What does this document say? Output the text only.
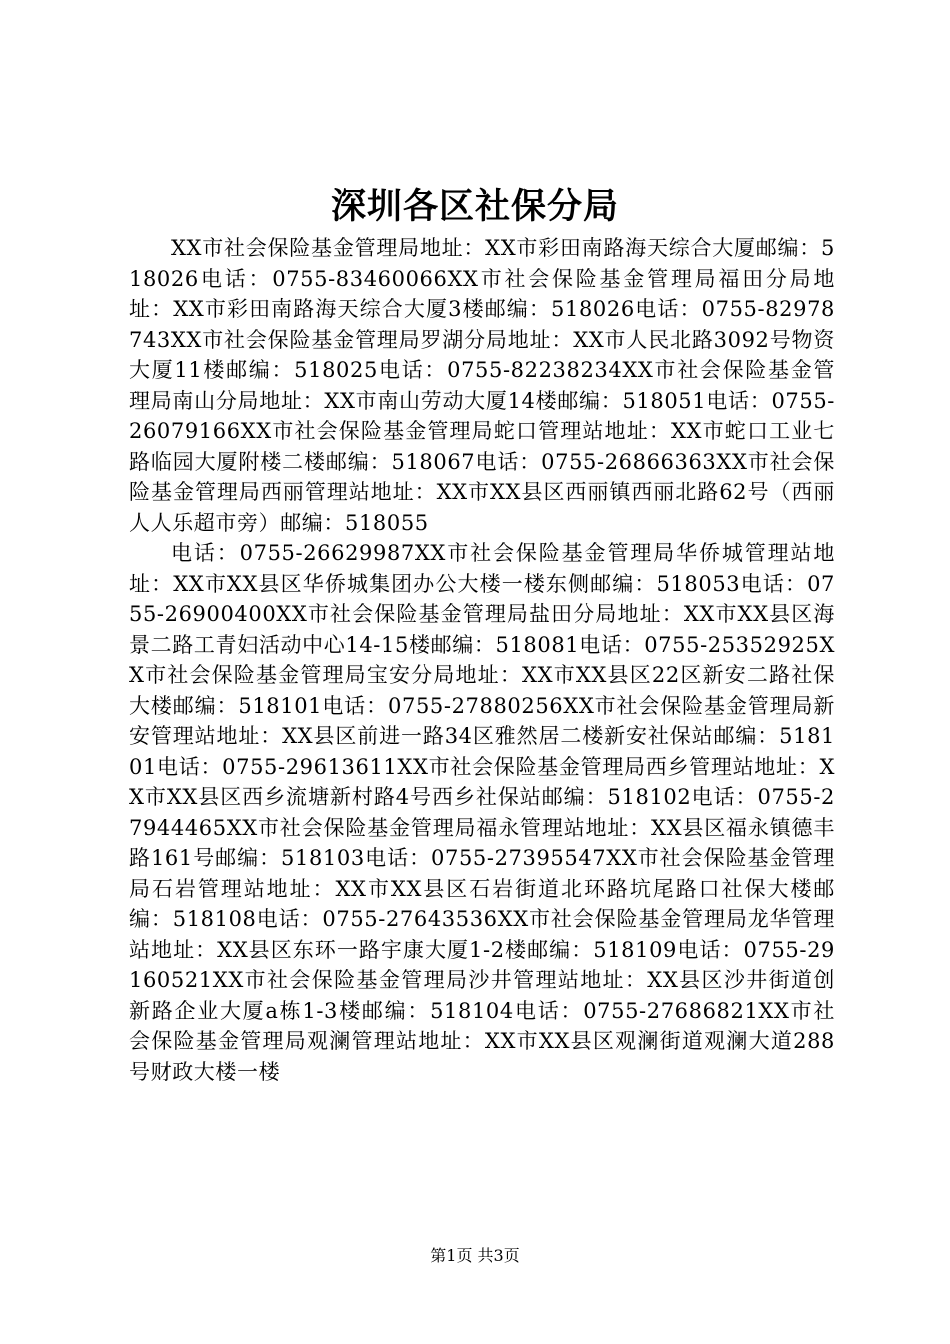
深圳各区社保分局

XX市社会保险基金管理局地址：XX市彩田南路海天综合大厦邮编：518026电话：0755-83460066XX市社会保险基金管理局福田分局地址：XX市彩田南路海天综合大厦3楼邮编：518026电话：0755-82978743XX市社会保险基金管理局罗湖分局地址：XX市人民北路3092号物资大厦11楼邮编：518025电话：0755-82238234XX市社会保险基金管理局南山分局地址：XX市南山劳动大厦14楼邮编：518051电话：0755-26079166XX市社会保险基金管理局蛇口管理站地址：XX市蛇口工业七路临园大厦附楼二楼邮编：518067电话：0755-26866363XX市社会保险基金管理局西丽管理站地址：XX市XX县区西丽镇西丽北路62号（西丽人人乐超市旁）邮编：518055

电话：0755-26629987XX市社会保险基金管理局华侨城管理站地址：XX市XX县区华侨城集团办公大楼一楼东侧邮编：518053电话：0755-26900400XX市社会保险基金管理局盐田分局地址：XX市XX县区海景二路工青妇活动中心14-15楼邮编：518081电话：0755-25352925XX市社会保险基金管理局宝安分局地址：XX市XX县区22区新安二路社保大楼邮编：518101电话：0755-27880256XX市社会保险基金管理局新安管理站地址：XX县区前进一路34区雅然居二楼新安社保站邮编：518101电话：0755-29613611XX市社会保险基金管理局西乡管理站地址：XX市XX县区西乡流塘新村路4号西乡社保站邮编：518102电话：0755-27944465XX市社会保险基金管理局福永管理站地址：XX县区福永镇德丰路161号邮编：518103电话：0755-27395547XX市社会保险基金管理局石岩管理站地址：XX市XX县区石岩街道北环路坑尾路口社保大楼邮编：518108电话：0755-27643536XX市社会保险基金管理局龙华管理站地址：XX县区东环一路宇康大厦1-2楼邮编：518109电话：0755-29160521XX市社会保险基金管理局沙井管理站地址：XX县区沙井街道创新路企业大厦a栋1-3楼邮编：518104电话：0755-27686821XX市社会保险基金管理局观澜管理站地址：XX市XX县区观澜街道观澜大道288号财政大楼一楼

第1页 共3页
